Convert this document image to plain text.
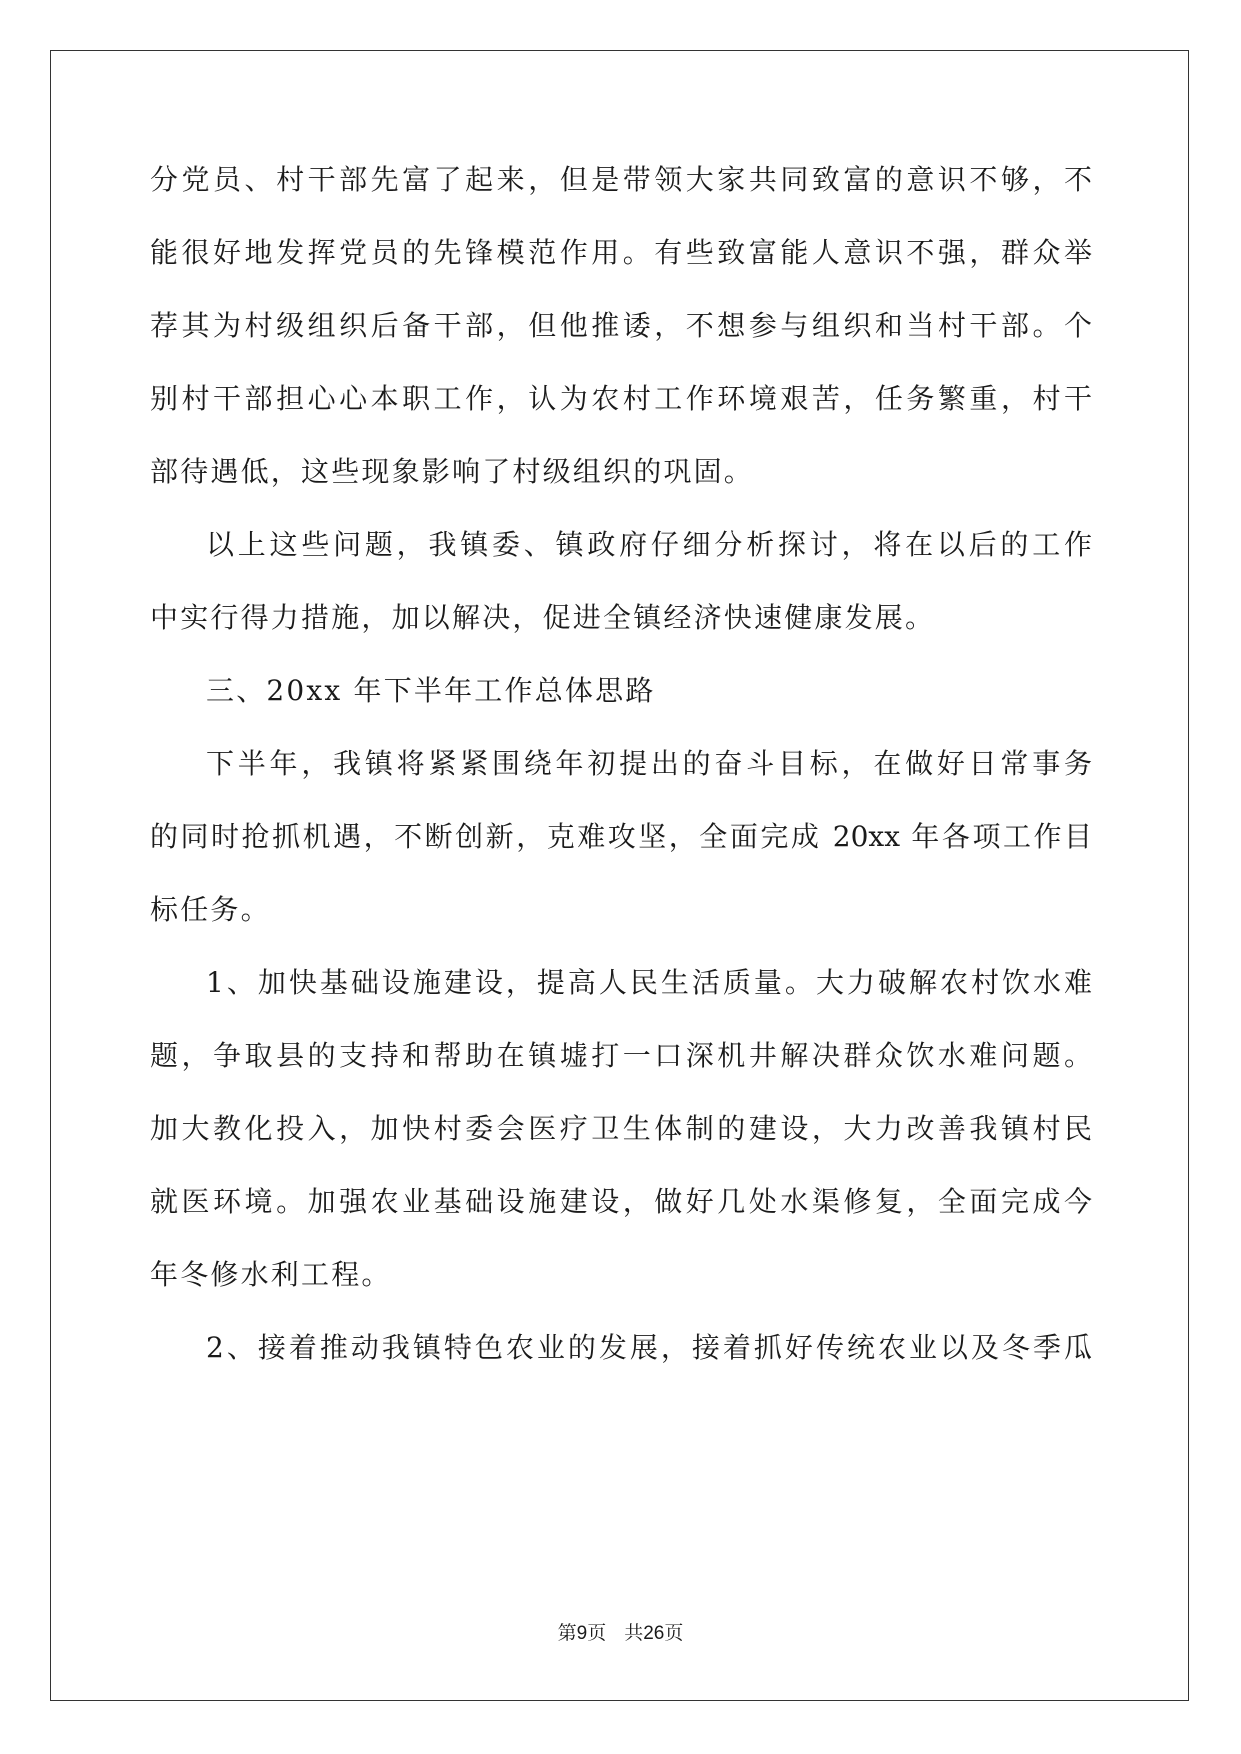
分党员、村干部先富了起来，但是带领大家共同致富的意识不够，不
能很好地发挥党员的先锋模范作用。有些致富能人意识不强，群众举
荐其为村级组织后备干部，但他推诿，不想参与组织和当村干部。个
别村干部担心心本职工作，认为农村工作环境艰苦，任务繁重，村干
部待遇低，这些现象影响了村级组织的巩固。
以上这些问题，我镇委、镇政府仔细分析探讨，将在以后的工作
中实行得力措施，加以解决，促进全镇经济快速健康发展。
三、20xx 年下半年工作总体思路
下半年，我镇将紧紧围绕年初提出的奋斗目标，在做好日常事务
的同时抢抓机遇，不断创新，克难攻坚，全面完成 20xx 年各项工作目
标任务。
1、加快基础设施建设，提高人民生活质量。大力破解农村饮水难
题，争取县的支持和帮助在镇墟打一口深机井解决群众饮水难问题。
加大教化投入，加快村委会医疗卫生体制的建设，大力改善我镇村民
就医环境。加强农业基础设施建设，做好几处水渠修复，全面完成今
年冬修水利工程。
2、接着推动我镇特色农业的发展，接着抓好传统农业以及冬季瓜
第9页 共26页
